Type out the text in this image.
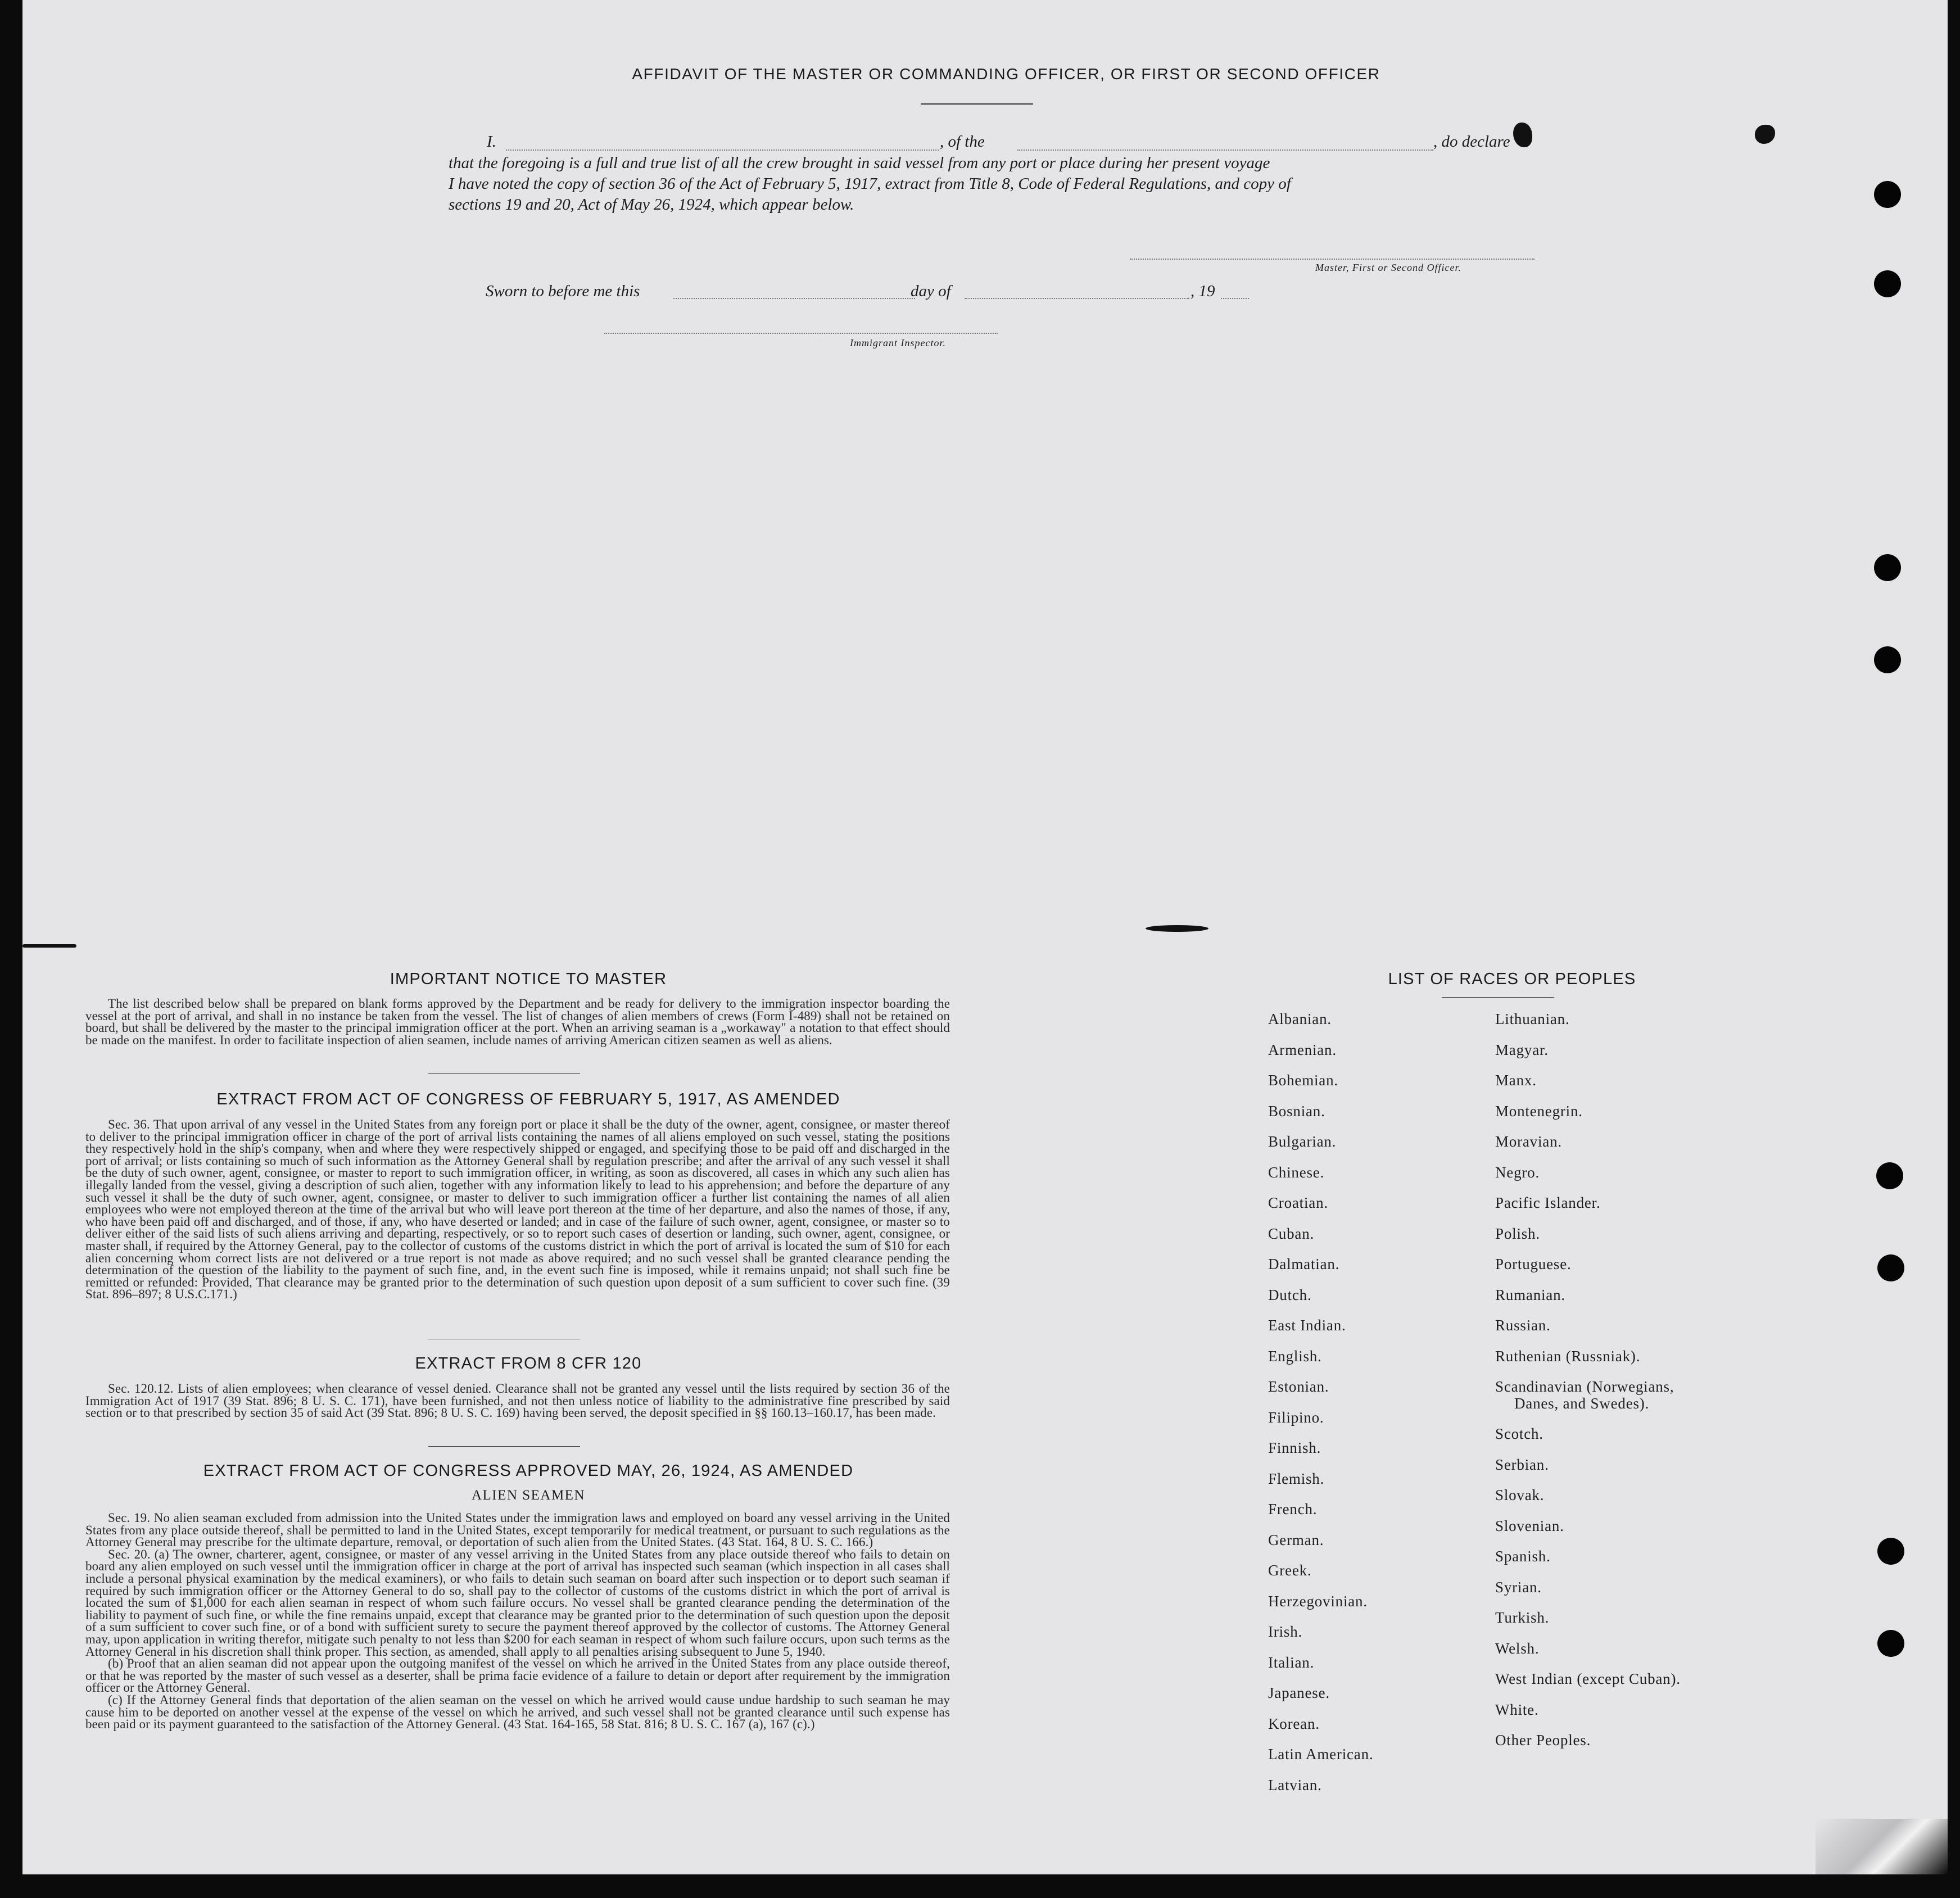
AFFIDAVIT OF THE MASTER OR COMMANDING OFFICER, OR FIRST OR SECOND OFFICER
I.	, of the	, do declare
that the foregoing is a full and true list of all the crew brought in said vessel from any port or place during her present voyage
I have noted the copy of section 36 of the Act of February 5, 1917, extract from Title 8, Code of Federal Regulations, and copy of
sections 19 and 20, Act of May 26, 1924, which appear below.
Master, First or Second Officer.
Sworn to before me this	day of	, 19
Immigrant Inspector.
IMPORTANT NOTICE TO MASTER

The list described below shall be prepared on blank forms approved by the Department and be ready for delivery to the immigration inspector boarding the vessel at the port of arrival, and shall in no instance be taken from the vessel. The list of changes of alien members of crews (Form I-489) shall not be retained on board, but shall be delivered by the master to the principal immigration officer at the port. When an arriving seaman is a „workaway" a notation to that effect should be made on the manifest. In order to facilitate inspection of alien seamen, include names of arriving American citizen seamen as well as aliens.

EXTRACT FROM ACT OF CONGRESS OF FEBRUARY 5, 1917, AS AMENDED

Sec. 36. That upon arrival of any vessel in the United States from any foreign port or place it shall be the duty of the owner, agent, consignee, or master thereof to deliver to the principal immigration officer in charge of the port of arrival lists containing the names of all aliens employed on such vessel, stating the positions they respectively hold in the ship's company, when and where they were respectively shipped or engaged, and specifying those to be paid off and discharged in the port of arrival; or lists containing so much of such information as the Attorney General shall by regulation prescribe; and after the arrival of any such vessel it shall be the duty of such owner, agent, consignee, or master to report to such immigration officer, in writing, as soon as discovered, all cases in which any such alien has illegally landed from the vessel, giving a description of such alien, together with any information likely to lead to his apprehension; and before the departure of any such vessel it shall be the duty of such owner, agent, consignee, or master to deliver to such immigration officer a further list containing the names of all alien employees who were not employed thereon at the time of the arrival but who will leave port thereon at the time of her departure, and also the names of those, if any, who have been paid off and discharged, and of those, if any, who have deserted or landed; and in case of the failure of such owner, agent, consignee, or master so to deliver either of the said lists of such aliens arriving and departing, respectively, or so to report such cases of desertion or landing, such owner, agent, consignee, or master shall, if required by the Attorney General, pay to the collector of customs of the customs district in which the port of arrival is located the sum of $10 for each alien concerning whom correct lists are not delivered or a true report is not made as above required; and no such vessel shall be granted clearance pending the determination of the question of the liability to the payment of such fine, and, in the event such fine is imposed, while it remains unpaid; not shall such fine be remitted or refunded: Provided, That clearance may be granted prior to the determination of such question upon deposit of a sum sufficient to cover such fine. (39 Stat. 896–897; 8 U.S.C.171.)

EXTRACT FROM 8 CFR 120

Sec. 120.12. Lists of alien employees; when clearance of vessel denied. Clearance shall not be granted any vessel until the lists required by section 36 of the Immigration Act of 1917 (39 Stat. 896; 8 U. S. C. 171), have been furnished, and not then unless notice of liability to the administrative fine prescribed by said section or to that prescribed by section 35 of said Act (39 Stat. 896; 8 U. S. C. 169) having been served, the deposit specified in §§ 160.13–160.17, has been made.

EXTRACT FROM ACT OF CONGRESS APPROVED MAY, 26, 1924, AS AMENDED
ALIEN SEAMEN

Sec. 19. No alien seaman excluded from admission into the United States under the immigration laws and employed on board any vessel arriving in the United States from any place outside thereof, shall be permitted to land in the United States, except temporarily for medical treatment, or pursuant to such regulations as the Attorney General may prescribe for the ultimate departure, removal, or deportation of such alien from the United States. (43 Stat. 164, 8 U. S. C. 166.)

Sec. 20. (a) The owner, charterer, agent, consignee, or master of any vessel arriving in the United States from any place outside thereof who fails to detain on board any alien employed on such vessel until the immigration officer in charge at the port of arrival has inspected such seaman (which inspection in all cases shall include a personal physical examination by the medical examiners), or who fails to detain such seaman on board after such inspection or to deport such seaman if required by such immigration officer or the Attorney General to do so, shall pay to the collector of customs of the customs district in which the port of arrival is located the sum of $1,000 for each alien seaman in respect of whom such failure occurs. No vessel shall be granted clearance pending the determination of the liability to payment of such fine, or while the fine remains unpaid, except that clearance may be granted prior to the determination of such question upon the deposit of a sum sufficient to cover such fine, or of a bond with sufficient surety to secure the payment thereof approved by the collector of customs. The Attorney General may, upon application in writing therefor, mitigate such penalty to not less than $200 for each seaman in respect of whom such failure occurs, upon such terms as the Attorney General in his discretion shall think proper. This section, as amended, shall apply to all penalties arising subsequent to June 5, 1940.

(b) Proof that an alien seaman did not appear upon the outgoing manifest of the vessel on which he arrived in the United States from any place outside thereof, or that he was reported by the master of such vessel as a deserter, shall be prima facie evidence of a failure to detain or deport after requirement by the immigration officer or the Attorney General.

(c) If the Attorney General finds that deportation of the alien seaman on the vessel on which he arrived would cause undue hardship to such seaman he may cause him to be deported on another vessel at the expense of the vessel on which he arrived, and such vessel shall not be granted clearance until such expense has been paid or its payment guaranteed to the satisfaction of the Attorney General. (43 Stat. 164-165, 58 Stat. 816; 8 U. S. C. 167 (a), 167 (c).)

LIST OF RACES OR PEOPLES
Albanian.
Armenian.
Bohemian.
Bosnian.
Bulgarian.
Chinese.
Croatian.
Cuban.
Dalmatian.
Dutch.
East Indian.
English.
Estonian.
Filipino.
Finnish.
Flemish.
French.
German.
Greek.
Herzegovinian.
Irish.
Italian.
Japanese.
Korean.
Latin American.
Latvian.
Lithuanian.
Magyar.
Manx.
Montenegrin.
Moravian.
Negro.
Pacific Islander.
Polish.
Portuguese.
Rumanian.
Russian.
Ruthenian (Russniak).
Scandinavian (Norwegians,
Danes, and Swedes).
Scotch.
Serbian.
Slovak.
Slovenian.
Spanish.
Syrian.
Turkish.
Welsh.
West Indian (except Cuban).
White.
Other Peoples.
